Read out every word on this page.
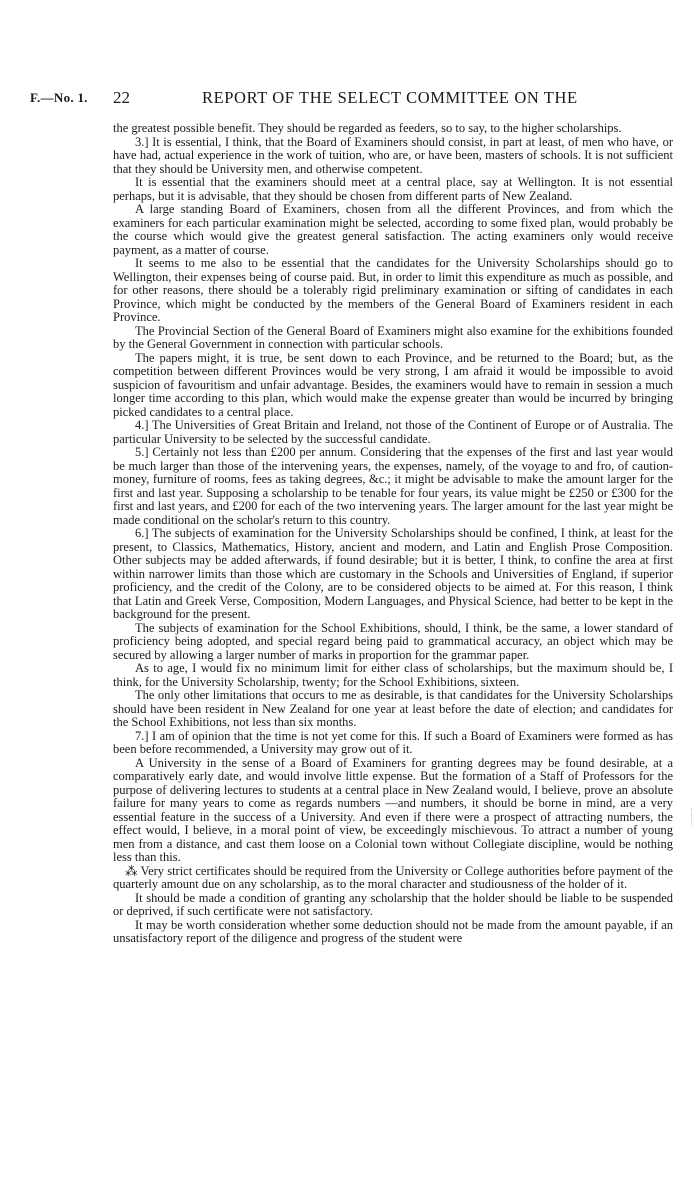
F.—No. 1. 22	REPORT OF THE SELECT COMMITTEE ON THE

the greatest possible benefit. They should be regarded as feeders, so to say, to the higher scholarships.

3.] It is essential, I think, that the Board of Examiners should consist, in part at least, of men who have, or have had, actual experience in the work of tuition, who are, or have been, masters of schools. It is not sufficient that they should be University men, and otherwise competent.

It is essential that the examiners should meet at a central place, say at Wellington. It is not essential perhaps, but it is advisable, that they should be chosen from different parts of New Zealand.

A large standing Board of Examiners, chosen from all the different Provinces, and from which the examiners for each particular examination might be selected, according to some fixed plan, would probably be the course which would give the greatest general satisfaction. The acting examiners only would receive payment, as a matter of course.

It seems to me also to be essential that the candidates for the University Scholarships should go to Wellington, their expenses being of course paid. But, in order to limit this expenditure as much as possible, and for other reasons, there should be a tolerably rigid preliminary examination or sifting of candidates in each Province, which might be conducted by the members of the General Board of Examiners resident in each Province.

The Provincial Section of the General Board of Examiners might also examine for the exhibitions founded by the General Government in connection with particular schools.

The papers might, it is true, be sent down to each Province, and be returned to the Board; but, as the competition between different Provinces would be very strong, I am afraid it would be impossible to avoid suspicion of favouritism and unfair advantage. Besides, the examiners would have to remain in session a much longer time according to this plan, which would make the expense greater than would be incurred by bringing picked candidates to a central place.

4.] The Universities of Great Britain and Ireland, not those of the Continent of Europe or of Australia. The particular University to be selected by the successful candidate.

5.] Certainly not less than £200 per annum. Considering that the expenses of the first and last year would be much larger than those of the intervening years, the expenses, namely, of the voyage to and fro, of caution-money, furniture of rooms, fees as taking degrees, &c.; it might be advisable to make the amount larger for the first and last year. Supposing a scholarship to be tenable for four years, its value might be £250 or £300 for the first and last years, and £200 for each of the two intervening years. The larger amount for the last year might be made conditional on the scholar's return to this country.

6.] The subjects of examination for the University Scholarships should be confined, I think, at least for the present, to Classics, Mathematics, History, ancient and modern, and Latin and English Prose Composition. Other subjects may be added afterwards, if found desirable; but it is better, I think, to confine the area at first within narrower limits than those which are customary in the Schools and Universities of England, if superior proficiency, and the credit of the Colony, are to be considered objects to be aimed at. For this reason, I think that Latin and Greek Verse, Composition, Modern Languages, and Physical Science, had better to be kept in the background for the present.

The subjects of examination for the School Exhibitions, should, I think, be the same, a lower standard of proficiency being adopted, and special regard being paid to grammatical accuracy, an object which may be secured by allowing a larger number of marks in proportion for the grammar paper.

As to age, I would fix no minimum limit for either class of scholarships, but the maximum should be, I think, for the University Scholarship, twenty; for the School Exhibitions, sixteen.

The only other limitations that occurs to me as desirable, is that candidates for the University Scholarships should have been resident in New Zealand for one year at least before the date of election; and candidates for the School Exhibitions, not less than six months.

7.] I am of opinion that the time is not yet come for this. If such a Board of Examiners were formed as has been before recommended, a University may grow out of it.

A University in the sense of a Board of Examiners for granting degrees may be found desirable, at a comparatively early date, and would involve little expense. But the formation of a Staff of Professors for the purpose of delivering lectures to students at a central place in New Zealand would, I believe, prove an absolute failure for many years to come as regards numbers —and numbers, it should be borne in mind, are a very essential feature in the success of a University. And even if there were a prospect of attracting numbers, the effect would, I believe, in a moral point of view, be exceedingly mischievous. To attract a number of young men from a distance, and cast them loose on a Colonial town without Collegiate discipline, would be nothing less than this.

⁂ Very strict certificates should be required from the University or College authorities before payment of the quarterly amount due on any scholarship, as to the moral character and studiousness of the holder of it.

It should be made a condition of granting any scholarship that the holder should be liable to be suspended or deprived, if such certificate were not satisfactory.

It may be worth consideration whether some deduction should not be made from the amount payable, if an unsatisfactory report of the diligence and progress of the student were
